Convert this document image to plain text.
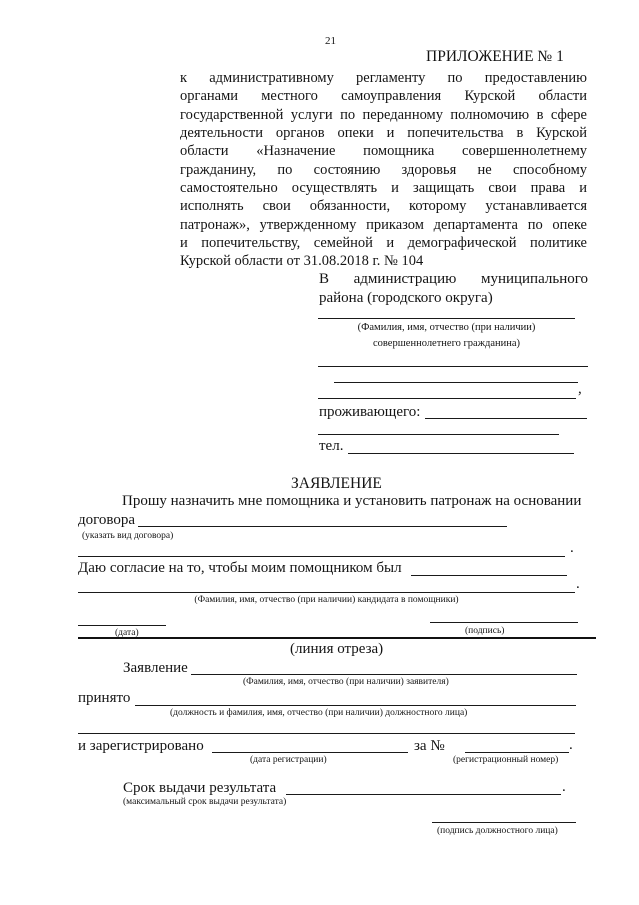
21
ПРИЛОЖЕНИЕ № 1
к административному регламенту по предоставлению
органами местного самоуправления Курской области
государственной услуги по переданному полномочию в сфере
деятельности органов опеки и попечительства в Курской
области «Назначение помощника совершеннолетнему
гражданину, по состоянию здоровья не способному
самостоятельно осуществлять и защищать свои права и
исполнять свои обязанности, которому устанавливается
патронаж», утвержденному приказом департамента по опеке
и попечительству, семейной и демографической политике
Курской области от 31.08.2018 г. № 104
В администрацию муниципального
района (городского округа)
(Фамилия, имя, отчество (при наличии)
совершеннолетнего гражданина)
,
проживающего:
тел.
ЗАЯВЛЕНИЕ
Прошу назначить мне помощника и установить патронаж на основании
договора
(указать вид договора)
.
Даю согласие на то, чтобы моим помощником был
.
(Фамилия, имя, отчество (при наличии) кандидата в помощники)
(дата)	(подпись)
(линия отреза)
Заявление
(Фамилия, имя, отчество (при наличии) заявителя)
принято
(должность и фамилия, имя, отчество (при наличии) должностного лица)
и зарегистрировано
(дата регистрации)
за №	.
(регистрационный номер)
Срок выдачи результата	.
(максимальный срок выдачи результата)
(подпись должностного лица)
